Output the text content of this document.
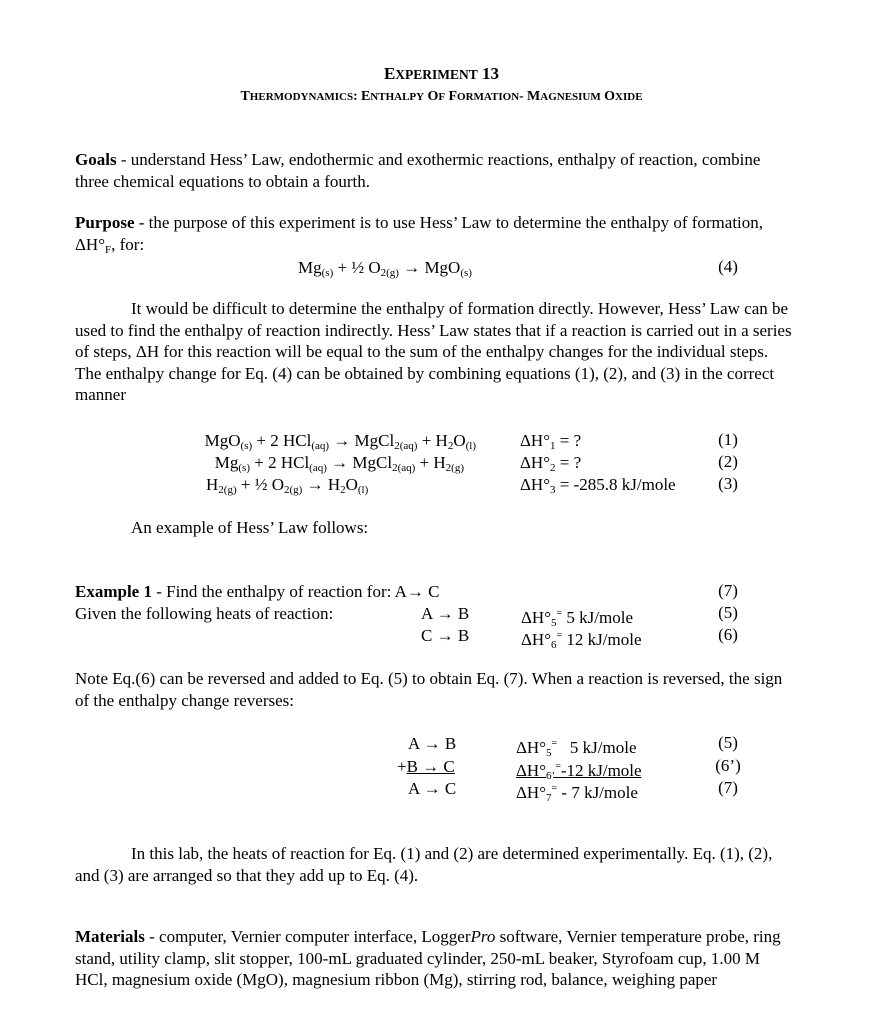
EXPERIMENT 13
THERMODYNAMICS: ENTHALPY OF FORMATION- MAGNESIUM OXIDE
Goals - understand Hess’ Law, endothermic and exothermic reactions, enthalpy of reaction, combine three chemical equations to obtain a fourth.
Purpose - the purpose of this experiment is to use Hess’ Law to determine the enthalpy of formation, $\Delta H^\circ_F$, for:
$Mg_{(s)}$ + ½ $O_{2(g)} \to MgO_{(s)}$	(4)
It would be difficult to determine the enthalpy of formation directly. However, Hess’ Law can be used to find the enthalpy of reaction indirectly. Hess’ Law states that if a reaction is carried out in a series of steps, ΔH for this reaction will be equal to the sum of the enthalpy changes for the individual steps. The enthalpy change for Eq. (4) can be obtained by combining equations (1), (2), and (3) in the correct manner
MgO$_{(s)}$ + 2 HCl$_{(aq)}$ → MgCl$_{2(aq)}$ + $H_2O_{(l)}$	$\Delta H^\circ_1$ = ?	(1)
$Mg_{(s)} + 2$ HCl$_{(aq)}$ → MgCl$_{2(aq)}$ + $H_{2(g)}$	$\Delta H^\circ_2$ = ?	(2)
$H_{2(g)}$ + ½ $O_{2(g)} \to H_2O_{(l)}$	$\Delta H^\circ_3 = -285.8$ kJ/mole	(3)
An example of Hess’ Law follows:
Example 1 - Find the enthalpy of reaction for: A→ C	(7)
Given the following heats of reaction:	A → B	$\Delta H^\circ_5^=$ 5 kJ/mole	(5)
C → B	$\Delta H^\circ_6^=$ 12 kJ/mole	(6)
Note Eq.(6) can be reversed and added to Eq. (5) to obtain Eq. (7). When a reaction is reversed, the sign of the enthalpy change reverses:
A → B	$\Delta H^\circ_5^=$   5 kJ/mole	(5)
+B → C	$\Delta H^\circ_{6’}^=-12$ kJ/mole	(6’)
A → C	$\Delta H^\circ_7^= - 7$ kJ/mole	(7)
In this lab, the heats of reaction for Eq. (1) and (2) are determined experimentally. Eq. (1), (2), and (3) are arranged so that they add up to Eq. (4).
Materials - computer, Vernier computer interface, LoggerPro software, Vernier temperature probe, ring stand, utility clamp, slit stopper, 100-mL graduated cylinder, 250-mL beaker, Styrofoam cup, 1.00 M HCl, magnesium oxide (MgO), magnesium ribbon (Mg), stirring rod, balance, weighing paper
